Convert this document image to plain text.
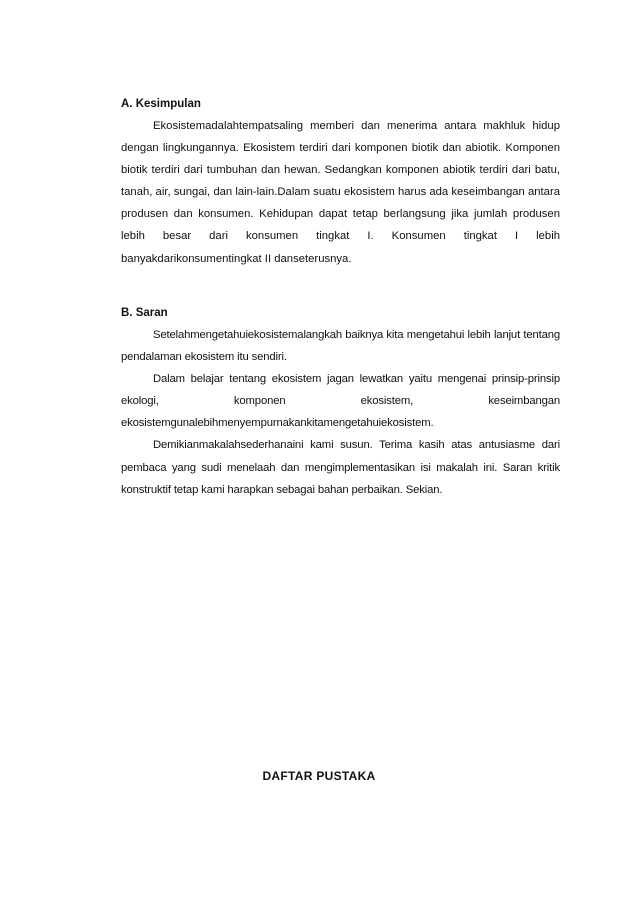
A. Kesimpulan

Ekosistemadalahtempatsaling memberi dan menerima antara makhluk hidup dengan lingkungannya. Ekosistem terdiri dari komponen biotik dan abiotik. Komponen biotik terdiri dari tumbuhan dan hewan. Sedangkan komponen abiotik terdiri dari batu, tanah, air, sungai, dan lain-lain.Dalam suatu ekosistem harus ada keseimbangan antara produsen dan konsumen. Kehidupan dapat tetap berlangsung jika jumlah produsen lebih besar dari konsumen tingkat I. Konsumen tingkat I lebih banyakdarikonsumentingkat II danseterusnya.

B. Saran

Setelahmengetahuiekosistemalangkah baiknya kita mengetahui lebih lanjut tentang pendalaman ekosistem itu sendiri.

Dalam belajar tentang ekosistem jagan lewatkan yaitu mengenai prinsip-prinsip ekologi, komponen ekosistem, keseimbangan ekosistemgunalebihmenyempurnakankitamengetahuiekosistem.

Demikianmakalahsederhanaini kami susun. Terima kasih atas antusiasme dari pembaca yang sudi menelaah dan mengimplementasikan isi makalah ini. Saran kritik konstruktif tetap kami harapkan sebagai bahan perbaikan. Sekian.

DAFTAR PUSTAKA
